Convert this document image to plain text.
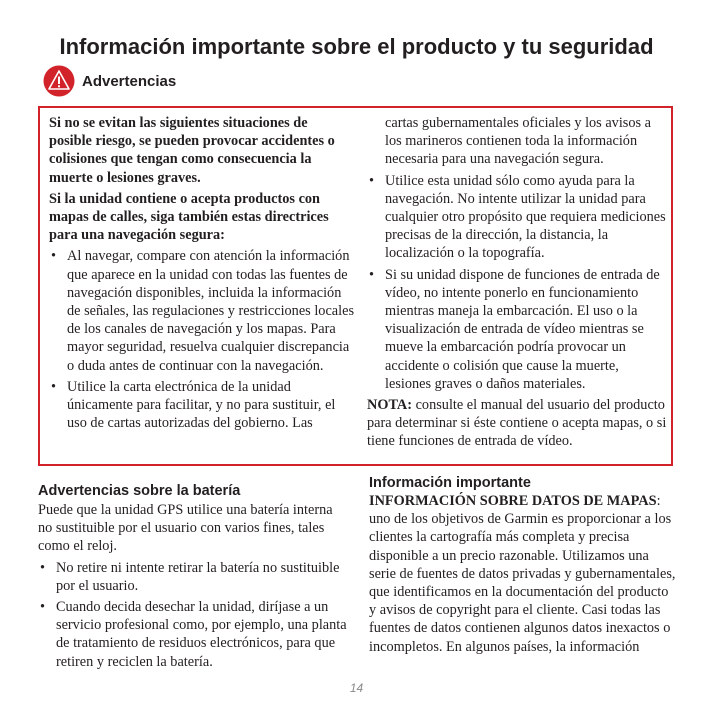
Información importante sobre el producto y tu seguridad
Advertencias

Si no se evitan las siguientes situaciones de posible riesgo, se pueden provocar accidentes o colisiones que tengan como consecuencia la muerte o lesiones graves.

Si la unidad contiene o acepta productos con mapas de calles, siga también estas directrices para una navegación segura:

• Al navegar, compare con atención la información que aparece en la unidad con todas las fuentes de navegación disponibles, incluida la información de señales, las regulaciones y restricciones locales de los canales de navegación y los mapas. Para mayor seguridad, resuelva cualquier discrepancia o duda antes de continuar con la navegación.
• Utilice la carta electrónica de la unidad únicamente para facilitar, y no para sustituir, el uso de cartas autorizadas del gobierno. Las

cartas gubernamentales oficiales y los avisos a los marineros contienen toda la información necesaria para una navegación segura.

• Utilice esta unidad sólo como ayuda para la navegación. No intente utilizar la unidad para cualquier otro propósito que requiera mediciones precisas de la dirección, la distancia, la localización o la topografía.
• Si su unidad dispone de funciones de entrada de vídeo, no intente ponerlo en funcionamiento mientras maneja la embarcación. El uso o la visualización de entrada de vídeo mientras se mueve la embarcación podría provocar un accidente o colisión que cause la muerte, lesiones graves o daños materiales.

NOTA: consulte el manual del usuario del producto para determinar si éste contiene o acepta mapas, o si tiene funciones de entrada de vídeo.

Advertencias sobre la batería

Puede que la unidad GPS utilice una batería interna no sustituible por el usuario con varios fines, tales como el reloj.

• No retire ni intente retirar la batería no sustituible por el usuario.
• Cuando decida desechar la unidad, diríjase a un servicio profesional como, por ejemplo, una planta de tratamiento de residuos electrónicos, para que retiren y reciclen la batería.

Información importante

INFORMACIÓN SOBRE DATOS DE MAPAS: uno de los objetivos de Garmin es proporcionar a los clientes la cartografía más completa y precisa disponible a un precio razonable. Utilizamos una serie de fuentes de datos privadas y gubernamentales, que identificamos en la documentación del producto y avisos de copyright para el cliente. Casi todas las fuentes de datos contienen algunos datos inexactos o incompletos. En algunos países, la información

14
